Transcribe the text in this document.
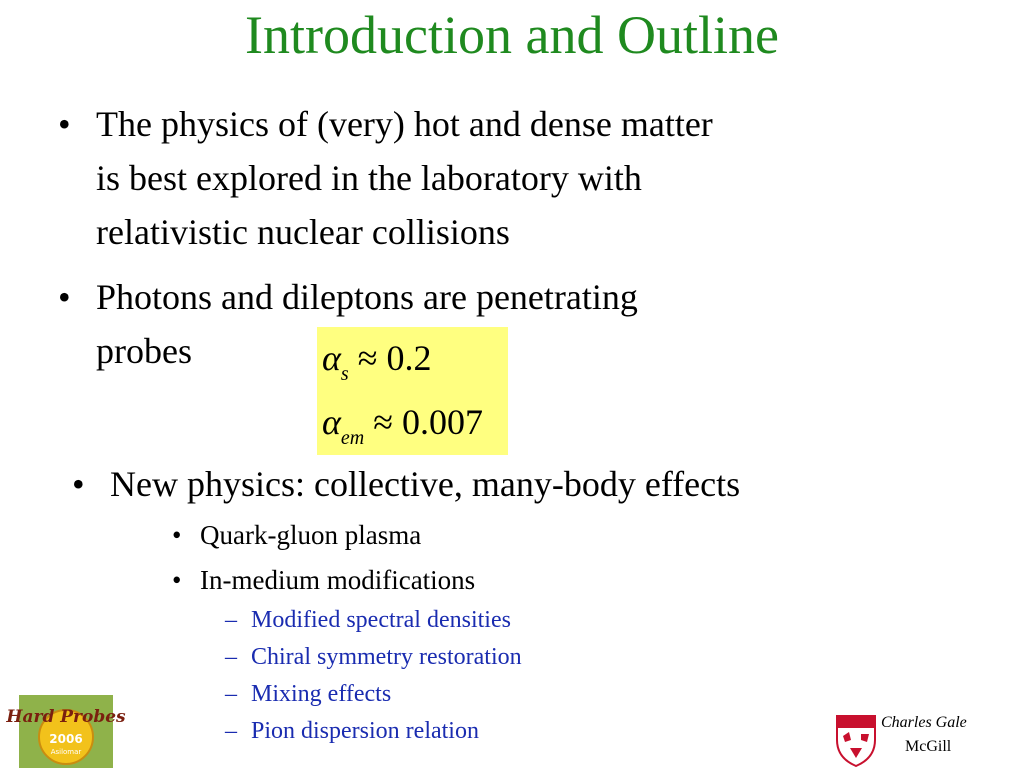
Introduction and Outline
• The physics of (very) hot and dense matter
is best explored in the laboratory with
relativistic nuclear collisions
• Photons and dileptons are penetrating
probes	$\alpha_s \approx 0.2$
$\alpha_{em} \approx 0.007$
• New physics: collective, many-body effects
• Quark-gluon plasma
• In-medium modifications
– Modified spectral densities
– Chiral symmetry restoration
– Mixing effects
– Pion dispersion relation
Hard Probes
2006
Asilomar
Charles Gale
McGill
